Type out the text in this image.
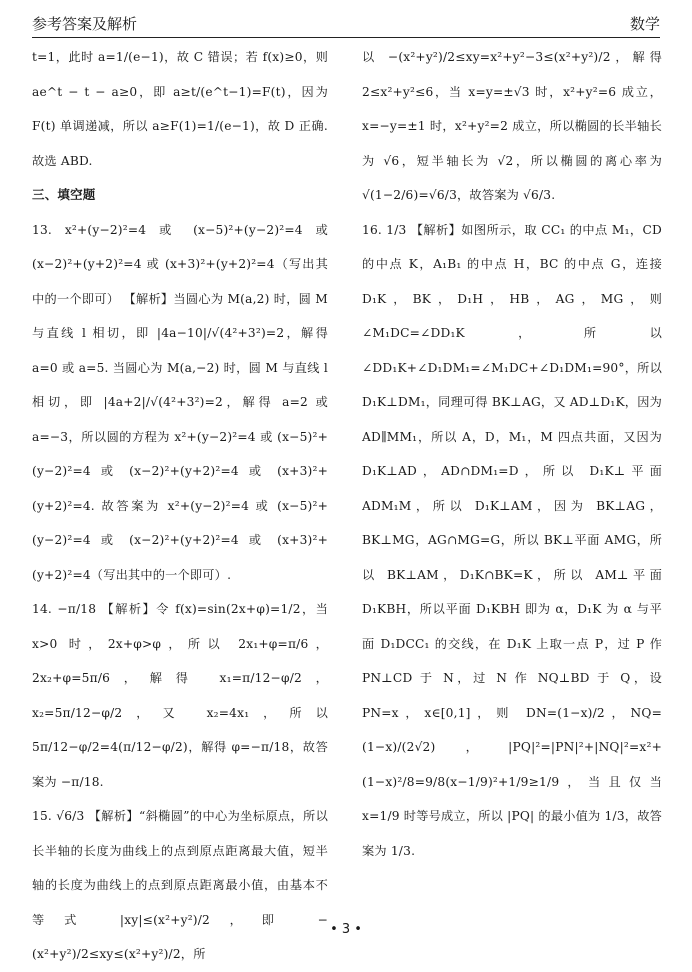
参考答案及解析	数学

t=1，此时 a=1/(e−1)，故 C 错误；若 f(x)≥0，则 ae^t − t − a≥0，即 a≥t/(e^t−1)=F(t)，因为 F(t) 单调递减，所以 a≥F(1)=1/(e−1)，故 D 正确. 故选 ABD.

三、填空题

13. x²+(y−2)²=4 或 (x−5)²+(y−2)²=4 或 (x−2)²+(y+2)²=4 或 (x+3)²+(y+2)²=4（写出其中的一个即可） 【解析】当圆心为 M(a,2) 时，圆 M 与直线 l 相切，即 |4a−10|/√(4²+3²)=2，解得 a=0 或 a=5. 当圆心为 M(a,−2) 时，圆 M 与直线 l 相切，即 |4a+2|/√(4²+3²)=2，解得 a=2 或 a=−3，所以圆的方程为 x²+(y−2)²=4 或 (x−5)²+(y−2)²=4 或 (x−2)²+(y+2)²=4 或 (x+3)²+(y+2)²=4. 故答案为 x²+(y−2)²=4 或 (x−5)²+(y−2)²=4 或 (x−2)²+(y+2)²=4 或 (x+3)²+(y+2)²=4（写出其中的一个即可）.

14. −π/18 【解析】令 f(x)=sin(2x+φ)=1/2，当 x>0 时，2x+φ>φ，所以 2x₁+φ=π/6，2x₂+φ=5π/6，解得 x₁=π/12−φ/2，x₂=5π/12−φ/2，又 x₂=4x₁，所以 5π/12−φ/2=4(π/12−φ/2)，解得 φ=−π/18，故答案为 −π/18.

15. √6/3 【解析】“斜椭圆”的中心为坐标原点，所以长半轴的长度为曲线上的点到原点距离最大值，短半轴的长度为曲线上的点到原点距离最小值，由基本不等式 |xy|≤(x²+y²)/2，即 −(x²+y²)/2≤xy≤(x²+y²)/2，所

以 −(x²+y²)/2≤xy=x²+y²−3≤(x²+y²)/2，解得 2≤x²+y²≤6，当 x=y=±√3 时，x²+y²=6 成立，x=−y=±1 时，x²+y²=2 成立，所以椭圆的长半轴长为 √6，短半轴长为 √2，所以椭圆的离心率为 √(1−2/6)=√6/3，故答案为 √6/3.

16. 1/3 【解析】如图所示，取 CC₁ 的中点 M₁，CD 的中点 K，A₁B₁ 的中点 H，BC 的中点 G，连接 D₁K，BK，D₁H，HB，AG，MG，则 ∠M₁DC=∠DD₁K，所以 ∠DD₁K+∠D₁DM₁=∠M₁DC+∠D₁DM₁=90°，所以 D₁K⊥DM₁，同理可得 BK⊥AG，又 AD⊥D₁K，因为 AD∥MM₁，所以 A，D，M₁，M 四点共面，又因为 D₁K⊥AD，AD∩DM₁=D，所以 D₁K⊥平面 ADM₁M，所以 D₁K⊥AM，因为 BK⊥AG，BK⊥MG，AG∩MG=G，所以 BK⊥平面 AMG，所以 BK⊥AM，D₁K∩BK=K，所以 AM⊥平面 D₁KBH，所以平面 D₁KBH 即为 α，D₁K 为 α 与平面 D₁DCC₁ 的交线，在 D₁K 上取一点 P，过 P 作 PN⊥CD 于 N，过 N 作 NQ⊥BD 于 Q，设 PN=x，x∈[0,1]，则 DN=(1−x)/2，NQ=(1−x)/(2√2)，|PQ|²=|PN|²+|NQ|²=x²+(1−x)²/8=9/8(x−1/9)²+1/9≥1/9，当且仅当 x=1/9 时等号成立，所以 |PQ| 的最小值为 1/3，故答案为 1/3.

• 3 •
